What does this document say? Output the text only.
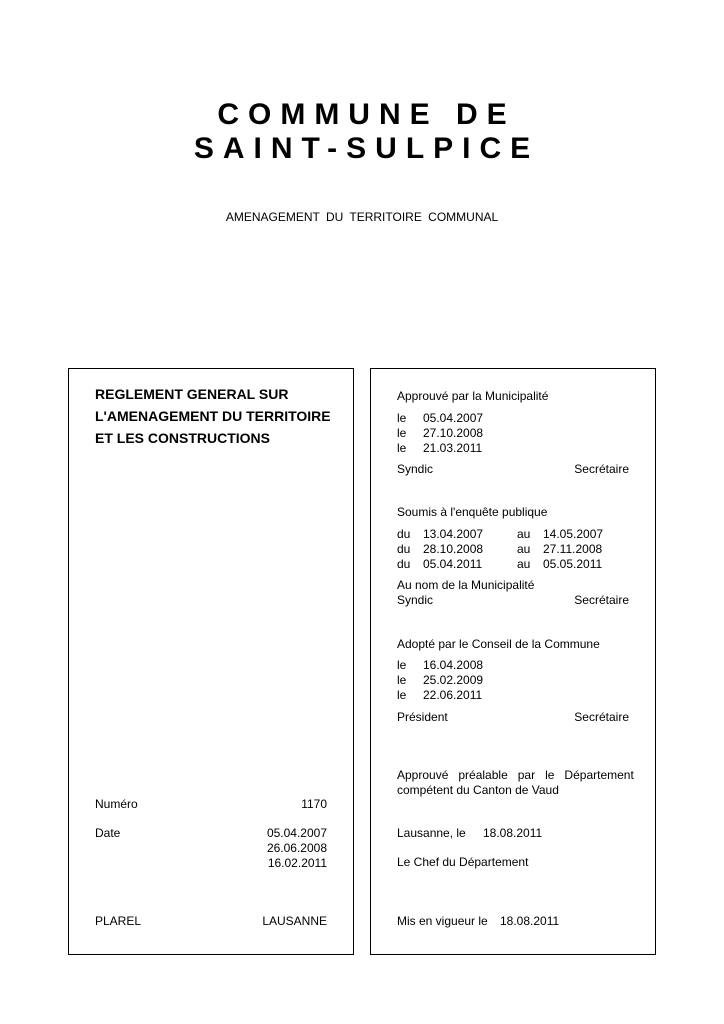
COMMUNE DE

SAINT-SULPICE

AMENAGEMENT DU TERRITOIRE COMMUNAL
REGLEMENT GENERAL SUR
L'AMENAGEMENT DU TERRITOIRE
ET LES CONSTRUCTIONS
Numéro	1170
Date	05.04.2007
26.06.2008
16.02.2011
PLAREL	LAUSANNE
Approuvé par la Municipalité
le	05.04.2007
le	27.10.2008
le	21.03.2011
Syndic	Secrétaire
Soumis à l'enquête publique
du	13.04.2007	au	14.05.2007
du	28.10.2008	au	27.11.2008
du	05.04.2011	au	05.05.2011
Au nom de la Municipalité
Syndic	Secrétaire
Adopté par le Conseil de la Commune
le	16.04.2008
le	25.02.2009
le	22.06.2011
Président	Secrétaire
Approuvé   préalable   par   le   Département
compétent du Canton de Vaud
Lausanne, le 18.08.2011
Le Chef du Département
Mis en vigueur le 18.08.2011
